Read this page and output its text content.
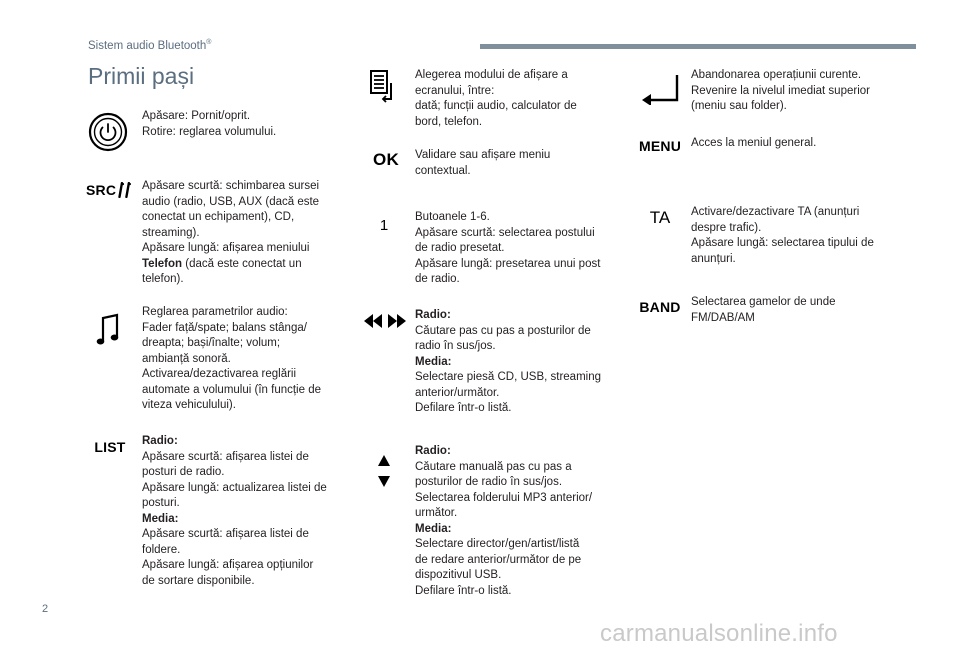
Sistem audio Bluetooth®
Primii pași
Apăsare: Pornit/oprit.
Rotire: reglarea volumului.
SRC Apăsare scurtă: schimbarea sursei
audio (radio, USB, AUX (dacă este
conectat un echipament), CD,
streaming).
Apăsare lungă: afișarea meniului
Telefon (dacă este conectat un
telefon).
Reglarea parametrilor audio:
Fader față/spate; balans stânga/
dreapta; bași/înalte; volum;
ambianță sonoră.
Activarea/dezactivarea reglării
automate a volumului (în funcție de
viteza vehiculului).
LIST Radio:
Apăsare scurtă: afișarea listei de
posturi de radio.
Apăsare lungă: actualizarea listei de
posturi.
Media:
Apăsare scurtă: afișarea listei de
foldere.
Apăsare lungă: afișarea opțiunilor
de sortare disponibile.
Alegerea modului de afișare a
ecranului, între:
dată; funcții audio, calculator de
bord, telefon.
OK Validare sau afișare meniu
contextual.
1 Butoanele 1-6.
Apăsare scurtă: selectarea postului
de radio presetat.
Apăsare lungă: presetarea unui post
de radio.
Radio:
Căutare pas cu pas a posturilor de
radio în sus/jos.
Media:
Selectare piesă CD, USB, streaming
anterior/următor.
Defilare într-o listă.
Radio:
Căutare manuală pas cu pas a
posturilor de radio în sus/jos.
Selectarea folderului MP3 anterior/
următor.
Media:
Selectare director/gen/artist/listă
de redare anterior/următor de pe
dispozitivul USB.
Defilare într-o listă.
Abandonarea operațiunii curente.
Revenire la nivelul imediat superior
(meniu sau folder).
MENU Acces la meniul general.
TA Activare/dezactivare TA (anunțuri
despre trafic).
Apăsare lungă: selectarea tipului de
anunțuri.
BAND Selectarea gamelor de unde
FM/DAB/AM
2
carmanualsonline.info
